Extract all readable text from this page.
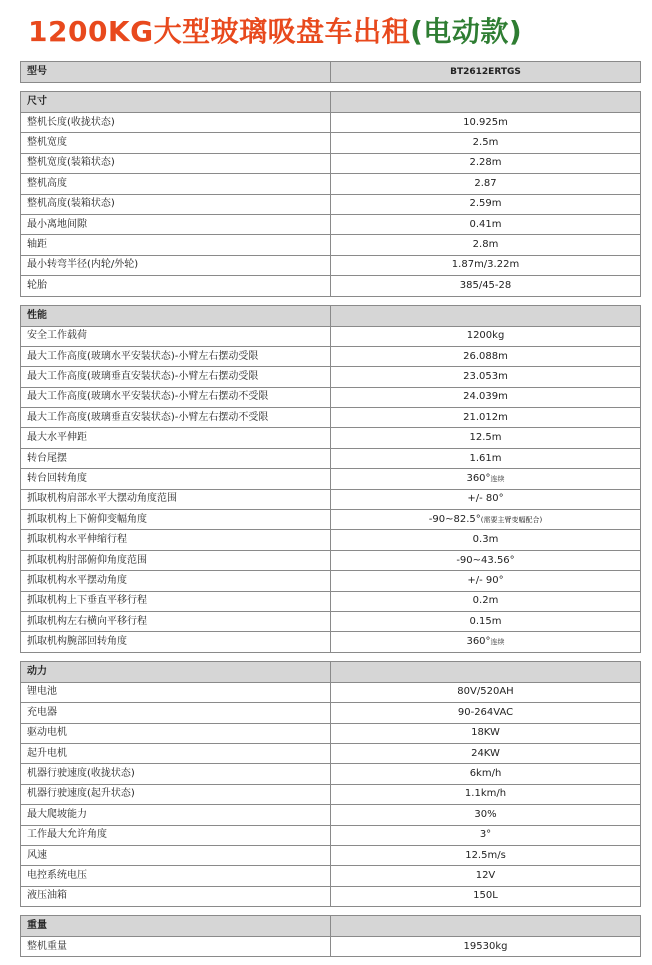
1200KG大型玻璃吸盘车出租(电动款)
型号	BT2612ERTGS
尺寸	
整机长度(收拢状态)	10.925m
整机宽度	2.5m
整机宽度(装箱状态)	2.28m
整机高度	2.87
整机高度(装箱状态)	2.59m
最小离地间隙	0.41m
轴距	2.8m
最小转弯半径(内轮/外轮)	1.87m/3.22m
轮胎	385/45-28
性能	
安全工作载荷	1200kg
最大工作高度(玻璃水平安装状态)-小臂左右摆动受限	26.088m
最大工作高度(玻璃垂直安装状态)-小臂左右摆动受限	23.053m
最大工作高度(玻璃水平安装状态)-小臂左右摆动不受限	24.039m
最大工作高度(玻璃垂直安装状态)-小臂左右摆动不受限	21.012m
最大水平伸距	12.5m
转台尾摆	1.61m
转台回转角度	360°连续
抓取机构肩部水平大摆动角度范围	+/- 80°
抓取机构上下俯仰变幅角度	-90~82.5°(需要主臂变幅配合)
抓取机构水平伸缩行程	0.3m
抓取机构肘部俯仰角度范围	-90~43.56°
抓取机构水平摆动角度	+/- 90°
抓取机构上下垂直平移行程	0.2m
抓取机构左右横向平移行程	0.15m
抓取机构腕部回转角度	360°连续
动力	
锂电池	80V/520AH
充电器	90-264VAC
驱动电机	18KW
起升电机	24KW
机器行驶速度(收拢状态)	6km/h
机器行驶速度(起升状态)	1.1km/h
最大爬坡能力	30%
工作最大允许角度	3°
风速	12.5m/s
电控系统电压	12V
液压油箱	150L
重量	
整机重量	19530kg
